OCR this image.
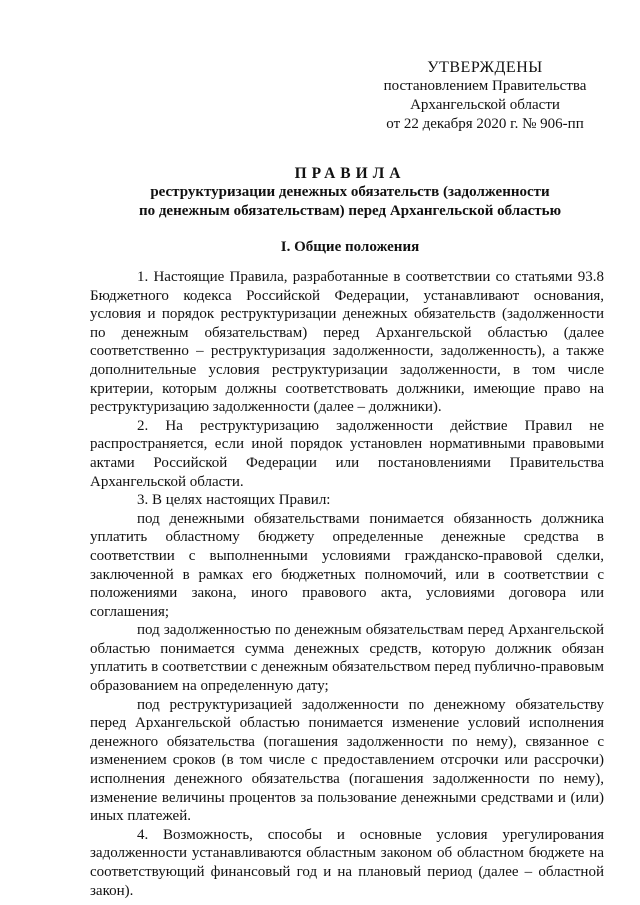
УТВЕРЖДЕНЫ
постановлением Правительства
Архангельской области
от 22 декабря 2020 г. № 906-пп
ПРАВИЛА
реструктуризации денежных обязательств (задолженности
по денежным обязательствам) перед Архангельской областью
I. Общие положения

1. Настоящие Правила, разработанные в соответствии со статьями 93.8 Бюджетного кодекса Российской Федерации, устанавливают основания, условия и порядок реструктуризации денежных обязательств (задолженности по денежным обязательствам) перед Архангельской областью (далее соответственно – реструктуризация задолженности, задолженность), а также дополнительные условия реструктуризации задолженности, в том числе критерии, которым должны соответствовать должники, имеющие право на реструктуризацию задолженности (далее – должники).

2. На реструктуризацию задолженности действие Правил не распространяется, если иной порядок установлен нормативными правовыми актами Российской Федерации или постановлениями Правительства Архангельской области.

3. В целях настоящих Правил:

под денежными обязательствами понимается обязанность должника уплатить областному бюджету определенные денежные средства в соответствии с выполненными условиями гражданско-правовой сделки, заключенной в рамках его бюджетных полномочий, или в соответствии с положениями закона, иного правового акта, условиями договора или соглашения;

под задолженностью по денежным обязательствам перед Архангельской областью понимается сумма денежных средств, которую должник обязан уплатить в соответствии с денежным обязательством перед публично-правовым образованием на определенную дату;

под реструктуризацией задолженности по денежному обязательству перед Архангельской областью понимается изменение условий исполнения денежного обязательства (погашения задолженности по нему), связанное с изменением сроков (в том числе с предоставлением отсрочки или рассрочки) исполнения денежного обязательства (погашения задолженности по нему), изменение величины процентов за пользование денежными средствами и (или) иных платежей.

4. Возможность, способы и основные условия урегулирования задолженности устанавливаются областным законом об областном бюджете на соответствующий финансовый год и на плановый период (далее – областной закон).
